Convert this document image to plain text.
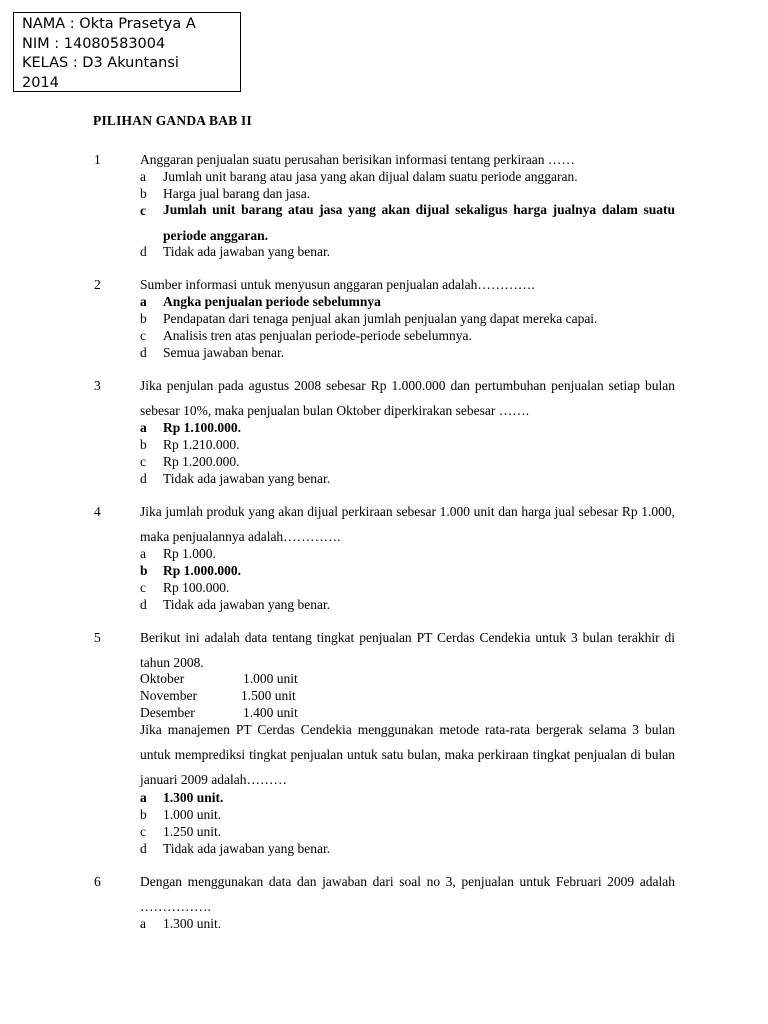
NAMA : Okta Prasetya A
NIM : 14080583004
KELAS : D3 Akuntansi
2014
PILIHAN GANDA BAB II
1	Anggaran penjualan suatu perusahan berisikan informasi tentang perkiraan ……
a	Jumlah unit barang atau jasa yang akan dijual dalam suatu periode anggaran.
b	Harga jual barang dan jasa.
c	Jumlah unit barang atau jasa yang akan dijual sekaligus harga jualnya dalam suatu periode anggaran.
d	Tidak ada jawaban yang benar.
2	Sumber informasi untuk menyusun anggaran penjualan adalah………….
a	Angka penjualan periode sebelumnya
b	Pendapatan dari tenaga penjual akan jumlah penjualan yang dapat mereka capai.
c	Analisis tren atas penjualan periode-periode sebelumnya.
d	Semua jawaban benar.
3	Jika penjulan pada agustus 2008 sebesar Rp 1.000.000 dan pertumbuhan penjualan setiap bulan sebesar 10%, maka penjualan bulan Oktober diperkirakan sebesar …….
a	Rp 1.100.000.
b	Rp 1.210.000.
c	Rp 1.200.000.
d	Tidak ada jawaban yang benar.
4	Jika jumlah produk yang akan dijual perkiraan sebesar 1.000 unit dan harga jual sebesar Rp 1.000, maka penjualannya adalah………….
a	Rp 1.000.
b	Rp 1.000.000.
c	Rp 100.000.
d	Tidak ada jawaban yang benar.
5	Berikut ini adalah data tentang tingkat penjualan PT Cerdas Cendekia untuk 3 bulan terakhir di tahun 2008.
Oktober	1.000 unit
November	1.500 unit
Desember	1.400 unit
Jika manajemen PT Cerdas Cendekia menggunakan metode rata-rata bergerak selama 3 bulan untuk memprediksi tingkat penjualan untuk satu bulan, maka perkiraan tingkat penjualan di bulan januari 2009 adalah………
a	1.300 unit.
b	1.000 unit.
c	1.250 unit.
d	Tidak ada jawaban yang benar.
6	Dengan menggunakan data dan jawaban dari soal no 3, penjualan untuk Februari 2009 adalah …………….
a	1.300 unit.
